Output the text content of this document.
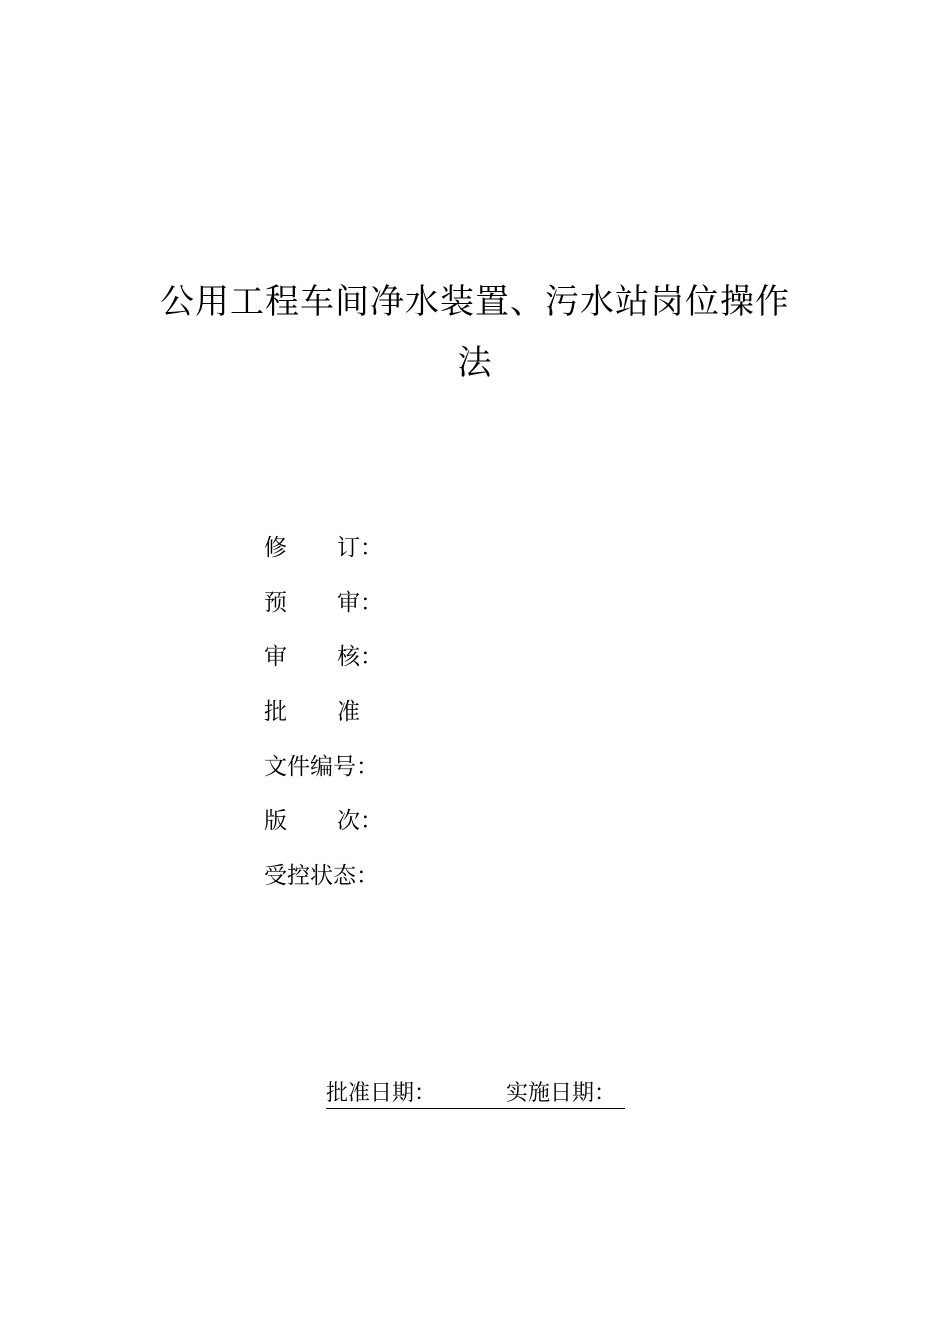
公用工程车间净水装置、污水站岗位操作
法
修 订：
预 审：
审 核：
批 准
文件编号：
版 次：
受控状态：
批准日期：	实施日期：
